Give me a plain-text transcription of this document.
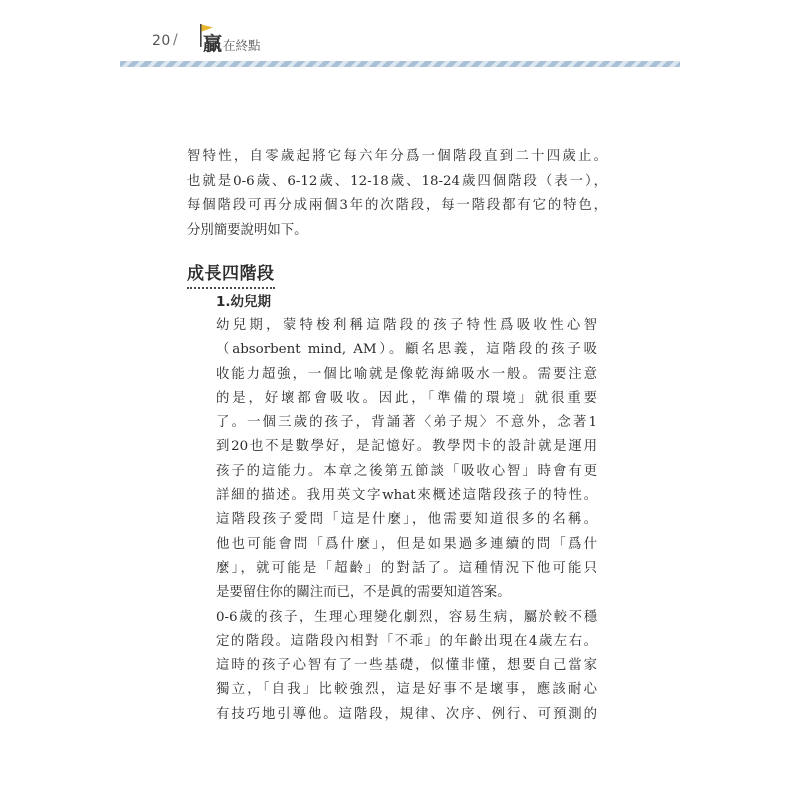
20 / 贏在終點

智特性，自零歲起將它每六年分爲一個階段直到二十四歲止。
也就是0-6歲、6-12歲、12-18歲、18-24歲四個階段（表一），
每個階段可再分成兩個3年的次階段，每一階段都有它的特色，
分別簡要說明如下。

成長四階段
1.幼兒期

幼兒期，蒙特梭利稱這階段的孩子特性爲吸收性心智
（absorbent mind, AM）。顧名思義，這階段的孩子吸
收能力超強，一個比喻就是像乾海綿吸水一般。需要注意
的是，好壞都會吸收。因此，「準備的環境」就很重要
了。一個三歲的孩子，背誦著〈弟子規〉不意外，念著1
到20也不是數學好，是記憶好。教學閃卡的設計就是運用
孩子的這能力。本章之後第五節談「吸收心智」時會有更
詳細的描述。我用英文字what來概述這階段孩子的特性。
這階段孩子愛問「這是什麼」，他需要知道很多的名稱。
他也可能會問「爲什麼」，但是如果過多連續的問「爲什
麼」，就可能是「超齡」的對話了。這種情況下他可能只
是要留住你的關注而已，不是眞的需要知道答案。
0-6歲的孩子，生理心理變化劇烈，容易生病，屬於較不穩
定的階段。這階段內相對「不乖」的年齡出現在4歲左右。
這時的孩子心智有了一些基礎，似懂非懂，想要自己當家
獨立，「自我」比較強烈，這是好事不是壞事，應該耐心
有技巧地引導他。這階段，規律、次序、例行、可預測的
